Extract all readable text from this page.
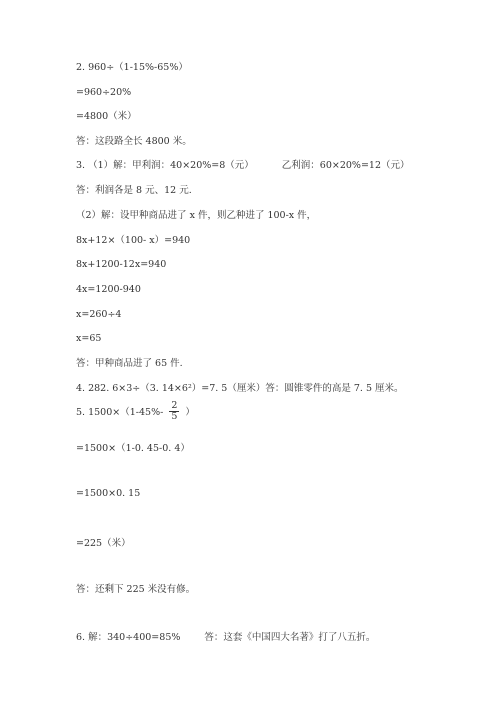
2. 960÷（1-15%-65%）
=960÷20%
=4800（米）
答：这段路全长 4800 米。
3. （1）解：甲利润：40×20%=8（元）	乙利润：60×20%=12（元）
答：利润各是 8 元、12 元.
（2）解：设甲种商品进了 x 件，则乙种进了 100-x 件，
8x+12×（100- x）=940
8x+1200-12x=940
4x=1200-940
x=260÷4
x=65
答：甲种商品进了 65 件.
4. 282. 6×3÷（3. 14×6²）=7. 5（厘米）答：圆锥零件的高是 7. 5 厘米。
5. $1500\times(1-45\%- \frac{2}{5}$ ）
=1500×（1-0. 45-0. 4）
=1500×0. 15
=225（米）
答：还剩下 225 米没有修。
6. 解：340÷400=85%	答：这套《中国四大名著》打了八五折。
